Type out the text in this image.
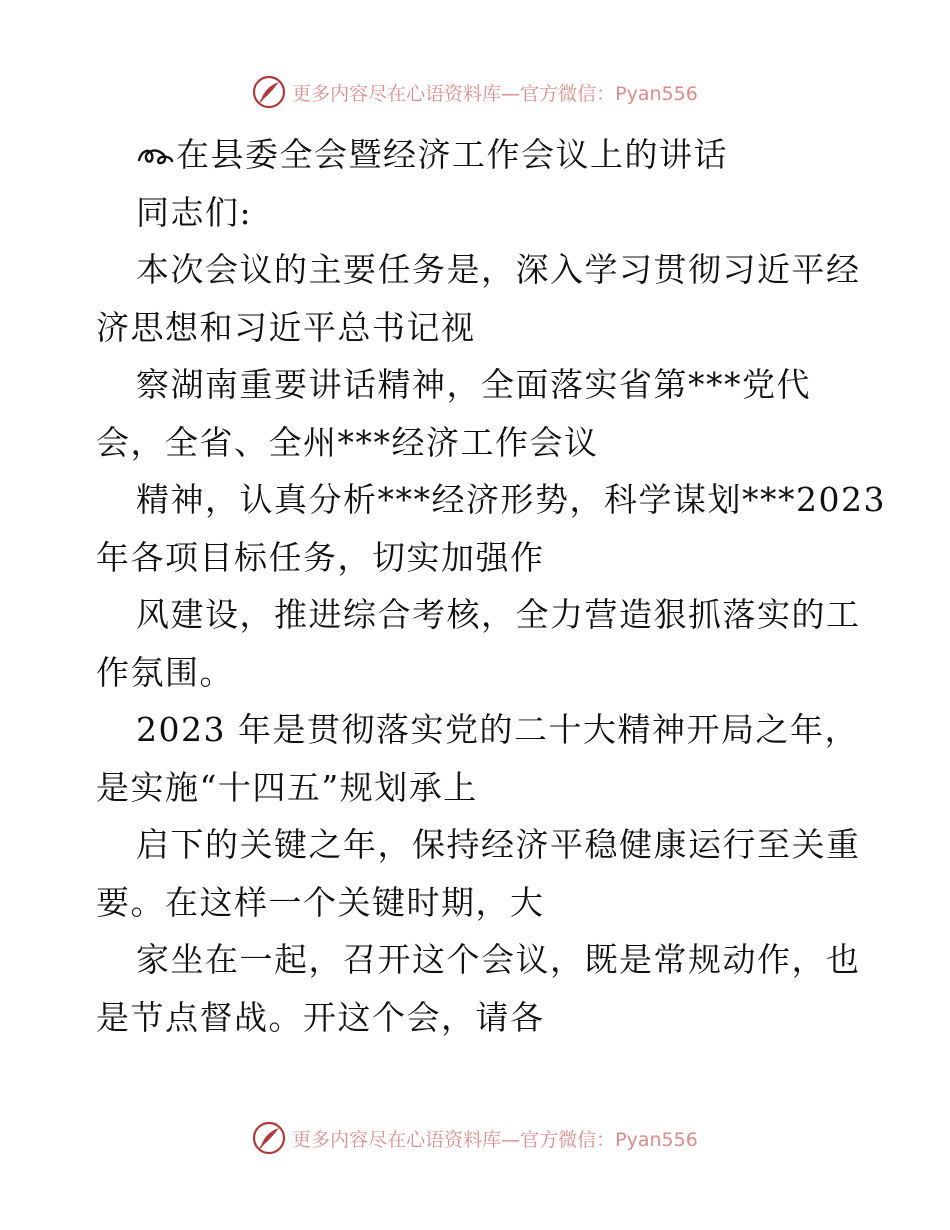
更多内容尽在心语资料库—官方微信：Pyan556
在县委全会暨经济工作会议上的讲话
同志们:
本次会议的主要任务是，深入学习贯彻习近平经
济思想和习近平总书记视
察湖南重要讲话精神，全面落实省第***党代
会，全省、全州***经济工作会议
精神，认真分析***经济形势，科学谋划***2023
年各项目标任务，切实加强作
风建设，推进综合考核，全力营造狠抓落实的工
作氛围。
2023 年是贯彻落实党的二十大精神开局之年，
是实施“十四五”规划承上
启下的关键之年，保持经济平稳健康运行至关重
要。在这样一个关键时期，大
家坐在一起，召开这个会议，既是常规动作，也
是节点督战。开这个会，请各
更多内容尽在心语资料库—官方微信：Pyan556
